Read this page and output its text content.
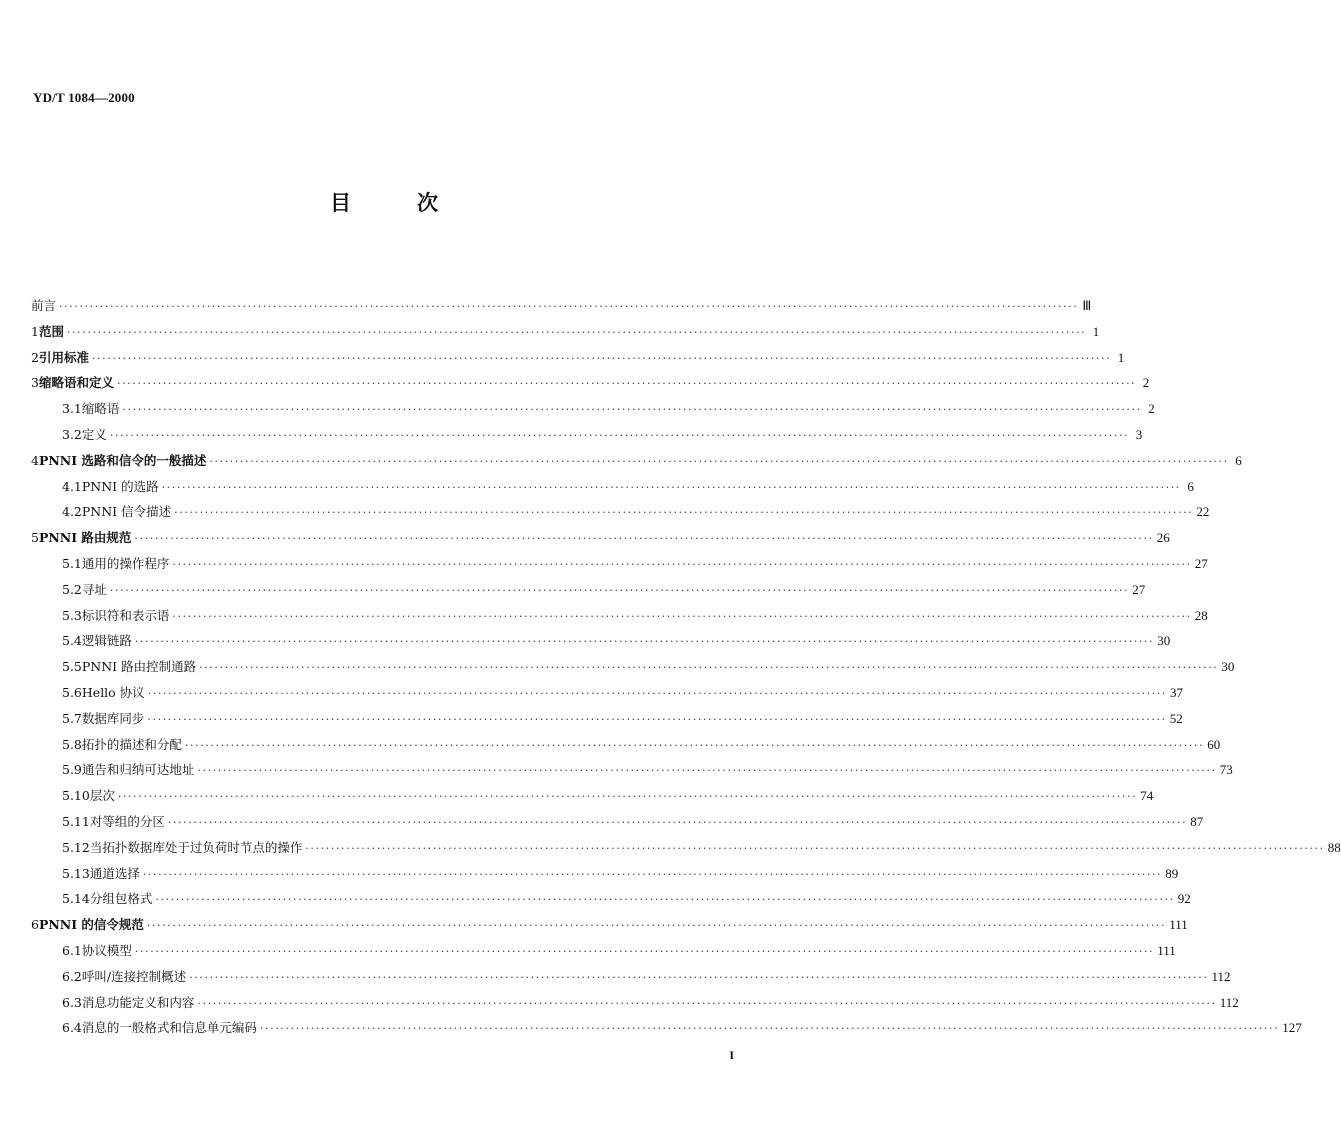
YD/T 1084—2000
目	次
前言 ········································································································································································································ Ⅲ
1 范围 ········································································································································································································ 1
2 引用标准 ········································································································································································································ 1
3 缩略语和定义 ········································································································································································································ 2
3.1 缩略语 ········································································································································································································ 2
3.2 定义 ········································································································································································································ 3
4 PNNI 选路和信令的一般描述 ········································································································································································································ 6
4.1 PNNI 的选路 ········································································································································································································ 6
4.2 PNNI 信令描述 ········································································································································································································ 22
5 PNNI 路由规范 ········································································································································································································ 26
5.1 通用的操作程序 ········································································································································································································ 27
5.2 寻址 ········································································································································································································ 27
5.3 标识符和表示语 ········································································································································································································ 28
5.4 逻辑链路 ········································································································································································································ 30
5.5 PNNI 路由控制通路 ········································································································································································································ 30
5.6 Hello 协议 ········································································································································································································ 37
5.7 数据库同步 ········································································································································································································ 52
5.8 拓扑的描述和分配 ········································································································································································································ 60
5.9 通告和归纳可达地址 ········································································································································································································ 73
5.10 层次 ········································································································································································································ 74
5.11 对等组的分区 ········································································································································································································ 87
5.12 当拓扑数据库处于过负荷时节点的操作 ········································································································································································································ 88
5.13 通道选择 ········································································································································································································ 89
5.14 分组包格式 ········································································································································································································ 92
6 PNNI 的信令规范 ········································································································································································································ 111
6.1 协议模型 ········································································································································································································ 111
6.2 呼叫/连接控制概述 ········································································································································································································ 112
6.3 消息功能定义和内容 ········································································································································································································ 112
6.4 消息的一般格式和信息单元编码 ········································································································································································································ 127
I
